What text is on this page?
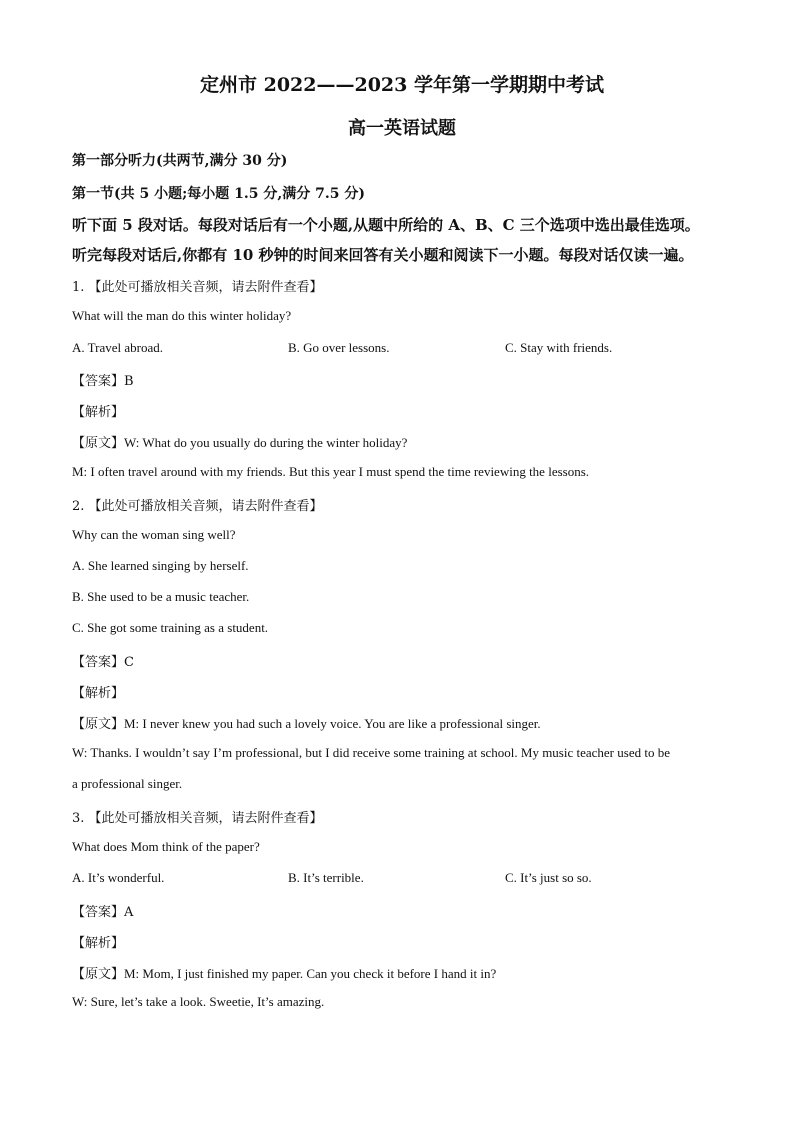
定州市 2022——2023 学年第一学期期中考试
高一英语试题
第一部分听力(共两节,满分 30 分)
第一节(共 5 小题;每小题 1.5 分,满分 7.5 分)
听下面 5 段对话。每段对话后有一个小题,从题中所给的 A、B、C 三个选项中选出最佳选项。
听完每段对话后,你都有 10 秒钟的时间来回答有关小题和阅读下一小题。每段对话仅读一遍。
1. 【此处可播放相关音频，请去附件查看】
What will the man do this winter holiday?
A. Travel abroad.	B. Go over lessons.	C. Stay with friends.
【答案】B
【解析】
【原文】W: What do you usually do during the winter holiday?
M: I often travel around with my friends. But this year I must spend the time reviewing the lessons.
2. 【此处可播放相关音频，请去附件查看】
Why can the woman sing well?
A. She learned singing by herself.
B. She used to be a music teacher.
C. She got some training as a student.
【答案】C
【解析】
【原文】M: I never knew you had such a lovely voice. You are like a professional singer.
W: Thanks. I wouldn’t say I’m professional, but I did receive some training at school. My music teacher used to be
a professional singer.
3. 【此处可播放相关音频，请去附件查看】
What does Mom think of the paper?
A. It’s wonderful.	B. It’s terrible.	C. It’s just so so.
【答案】A
【解析】
【原文】M: Mom, I just finished my paper. Can you check it before I hand it in?
W: Sure, let’s take a look. Sweetie, It’s amazing.
